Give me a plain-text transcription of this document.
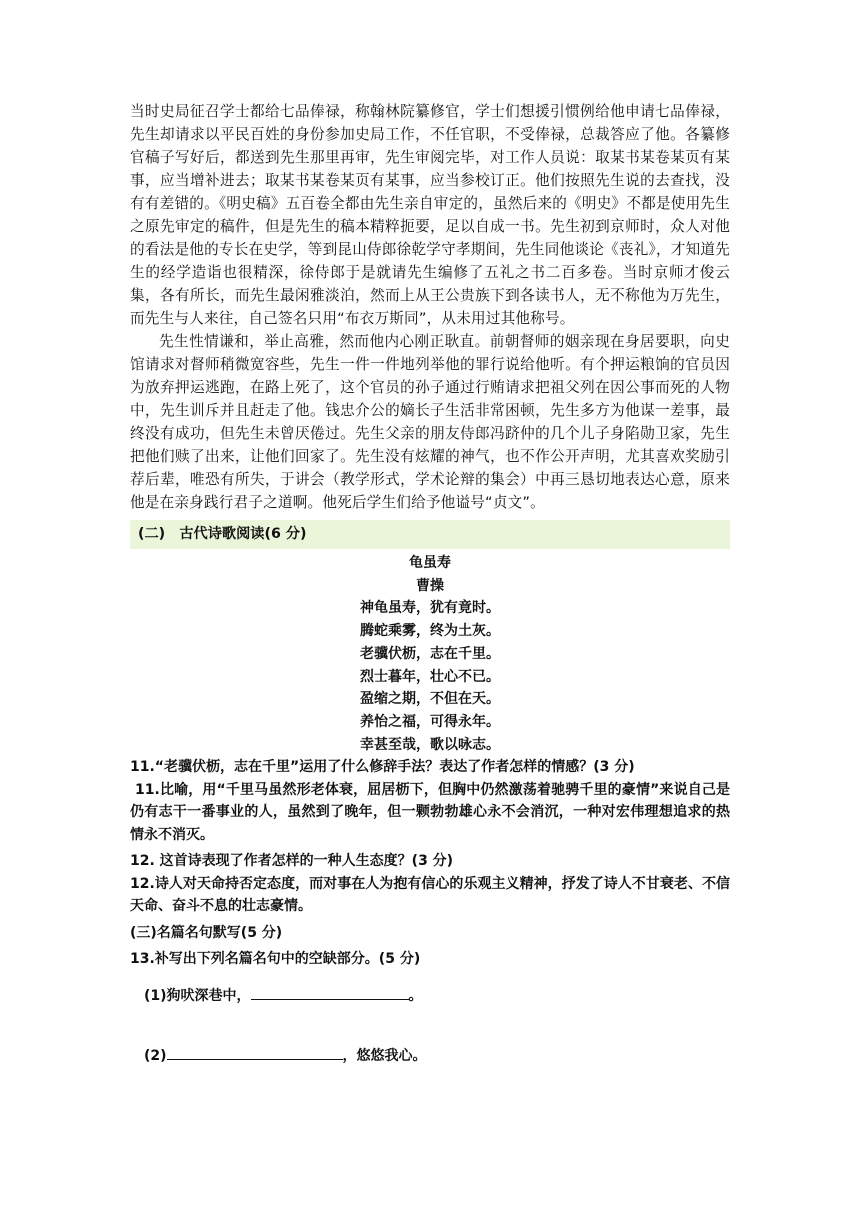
当时史局征召学士都给七品俸禄，称翰林院纂修官，学士们想援引惯例给他申请七品俸禄，先生却请求以平民百姓的身份参加史局工作，不任官职，不受俸禄，总裁答应了他。各纂修官稿子写好后，都送到先生那里再审，先生审阅完毕，对工作人员说：取某书某卷某页有某事，应当增补进去；取某书某卷某页有某事，应当参校订正。他们按照先生说的去查找，没有有差错的。《明史稿》五百卷全都由先生亲自审定的，虽然后来的《明史》不都是使用先生之原先审定的稿件，但是先生的稿本精粹扼要，足以自成一书。先生初到京师时，众人对他的看法是他的专长在史学，等到昆山侍郎徐乾学守孝期间，先生同他谈论《丧礼》，才知道先生的经学造诣也很精深，徐侍郎于是就请先生编修了五礼之书二百多卷。当时京师才俊云集，各有所长，而先生最闲雅淡泊，然而上从王公贵族下到各读书人，无不称他为万先生，而先生与人来往，自己签名只用“布衣万斯同”，从未用过其他称号。

先生性情谦和，举止高雅，然而他内心刚正耿直。前朝督师的姻亲现在身居要职，向史馆请求对督师稍微宽容些，先生一件一件地列举他的罪行说给他听。有个押运粮饷的官员因为放弃押运逃跑，在路上死了，这个官员的孙子通过行贿请求把祖父列在因公事而死的人物中，先生训斥并且赶走了他。钱忠介公的嫡长子生活非常困顿，先生多方为他谋一差事，最终没有成功，但先生未曾厌倦过。先生父亲的朋友侍郎冯跻仲的几个儿子身陷勋卫家，先生把他们赎了出来，让他们回家了。先生没有炫耀的神气，也不作公开声明，尤其喜欢奖励引荐后辈，唯恐有所失，于讲会（教学形式，学术论辩的集会）中再三恳切地表达心意，原来他是在亲身践行君子之道啊。他死后学生们给予他谥号“贞文”。

(二)　古代诗歌阅读(6 分)
龟虽寿
曹操
神龟虽寿，犹有竟时。
腾蛇乘雾，终为土灰。
老骥伏枥，志在千里。
烈士暮年，壮心不已。
盈缩之期，不但在天。
养怡之福，可得永年。
幸甚至哉，歌以咏志。

11.“老骥伏枥，志在千里”运用了什么修辞手法？表达了作者怎样的情感？(3 分)

11.比喻，用“千里马虽然形老体衰，屈居枥下，但胸中仍然激荡着驰骋千里的豪情”来说自己是仍有志干一番事业的人，虽然到了晚年，但一颗勃勃雄心永不会消沉，一种对宏伟理想追求的热情永不消灭。

12. 这首诗表现了作者怎样的一种人生态度？(3 分)

12.诗人对天命持否定态度，而对事在人为抱有信心的乐观主义精神，抒发了诗人不甘衰老、不信天命、奋斗不息的壮志豪情。

(三)名篇名句默写(5 分)

13.补写出下列名篇名句中的空缺部分。(5 分)

(1)狗吠深巷中，	。

(2)	，悠悠我心。
